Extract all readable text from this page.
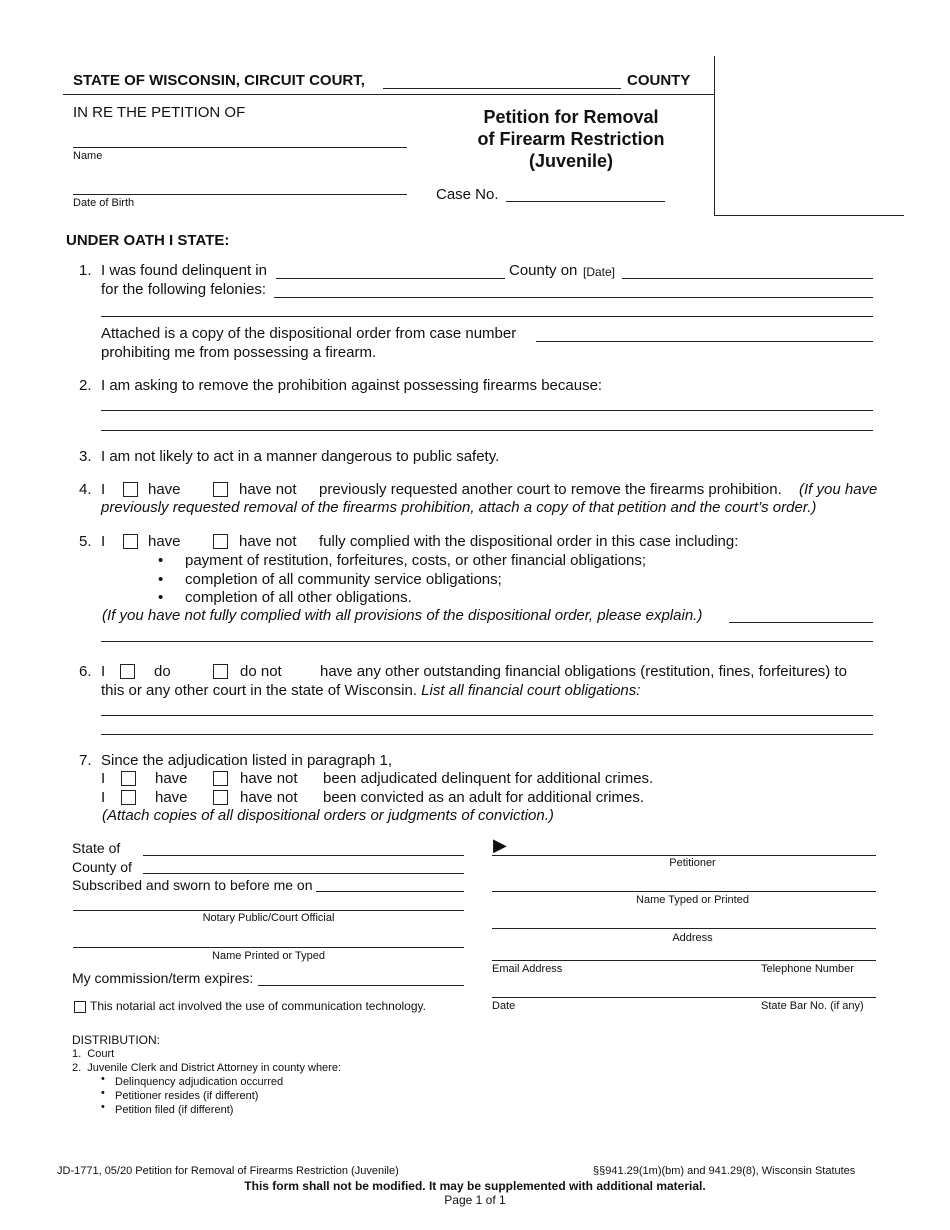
STATE OF WISCONSIN, CIRCUIT COURT,	COUNTY
IN RE THE PETITION OF
Name
Date of Birth
Petition for Removal
of Firearm Restriction
(Juvenile)
Case No.
UNDER OATH I STATE:
1. I was found delinquent in	County on [Date]
for the following felonies:
Attached is a copy of the dispositional order from case number
prohibiting me from possessing a firearm.
2. I am asking to remove the prohibition against possessing firearms because:
3. I am not likely to act in a manner dangerous to public safety.
4. I	have	have not previously requested another court to remove the firearms prohibition. (If you have
previously requested removal of the firearms prohibition, attach a copy of that petition and the court’s order.)
5. I	have	have not fully complied with the dispositional order in this case including:
• payment of restitution, forfeitures, costs, or other financial obligations;
• completion of all community service obligations;
• completion of all other obligations.
(If you have not fully complied with all provisions of the dispositional order, please explain.)
6. I	do	do not	have any other outstanding financial obligations (restitution, fines, forfeitures) to
this or any other court in the state of Wisconsin. List all financial court obligations:
7. Since the adjudication listed in paragraph 1,
I	have	have not been adjudicated delinquent for additional crimes.
I	have	have not been convicted as an adult for additional crimes.
(Attach copies of all dispositional orders or judgments of conviction.)
State of
County of
Subscribed and sworn to before me on
Notary Public/Court Official
Name Printed or Typed
My commission/term expires:
This notarial act involved the use of communication technology.
▶
Petitioner
Name Typed or Printed
Address
Email Address	Telephone Number
Date	State Bar No. (if any)
DISTRIBUTION:
1.  Court
2.  Juvenile Clerk and District Attorney in county where:
• Delinquency adjudication occurred
• Petitioner resides (if different)
• Petition filed (if different)
JD-1771, 05/20 Petition for Removal of Firearms Restriction (Juvenile)	§§941.29(1m)(bm) and 941.29(8), Wisconsin Statutes
This form shall not be modified. It may be supplemented with additional material.
Page 1 of 1
